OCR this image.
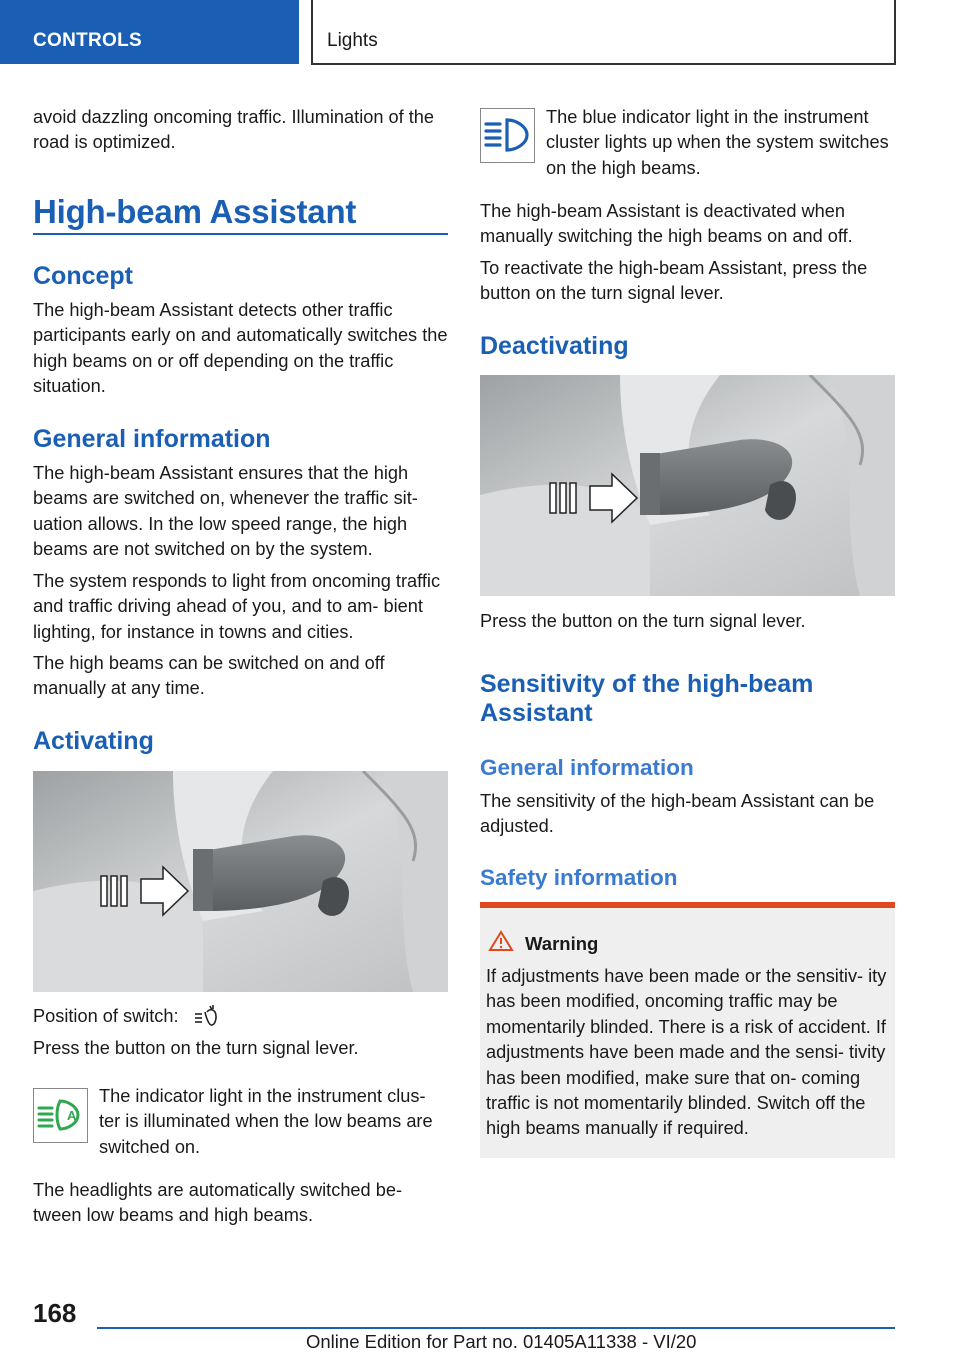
CONTROLS	Lights
avoid dazzling oncoming traffic. Illumination of the road is optimized.
High-beam Assistant
Concept
The high-beam Assistant detects other traffic participants early on and automatically switches the high beams on or off depending on the traffic situation.
General information
The high-beam Assistant ensures that the high beams are switched on, whenever the traffic sit‐ uation allows. In the low speed range, the high beams are not switched on by the system.
The system responds to light from oncoming traffic and traffic driving ahead of you, and to am‐ bient lighting, for instance in towns and cities.
The high beams can be switched on and off manually at any time.
Activating
Position of switch:
Press the button on the turn signal lever.
A
The indicator light in the instrument clus‐ ter is illuminated when the low beams are switched on.
The headlights are automatically switched be‐ tween low beams and high beams.
The blue indicator light in the instrument cluster lights up when the system switches on the high beams.
The high-beam Assistant is deactivated when manually switching the high beams on and off.
To reactivate the high-beam Assistant, press the button on the turn signal lever.
Deactivating
Press the button on the turn signal lever.
Sensitivity of the high-beam Assistant
General information
The sensitivity of the high-beam Assistant can be adjusted.
Safety information
Warning
If adjustments have been made or the sensitiv‐ ity has been modified, oncoming traffic may be momentarily blinded. There is a risk of accident. If adjustments have been made and the sensi‐ tivity has been modified, make sure that on‐ coming traffic is not momentarily blinded. Switch off the high beams manually if required.
168
Online Edition for Part no. 01405A11338 - VI/20
